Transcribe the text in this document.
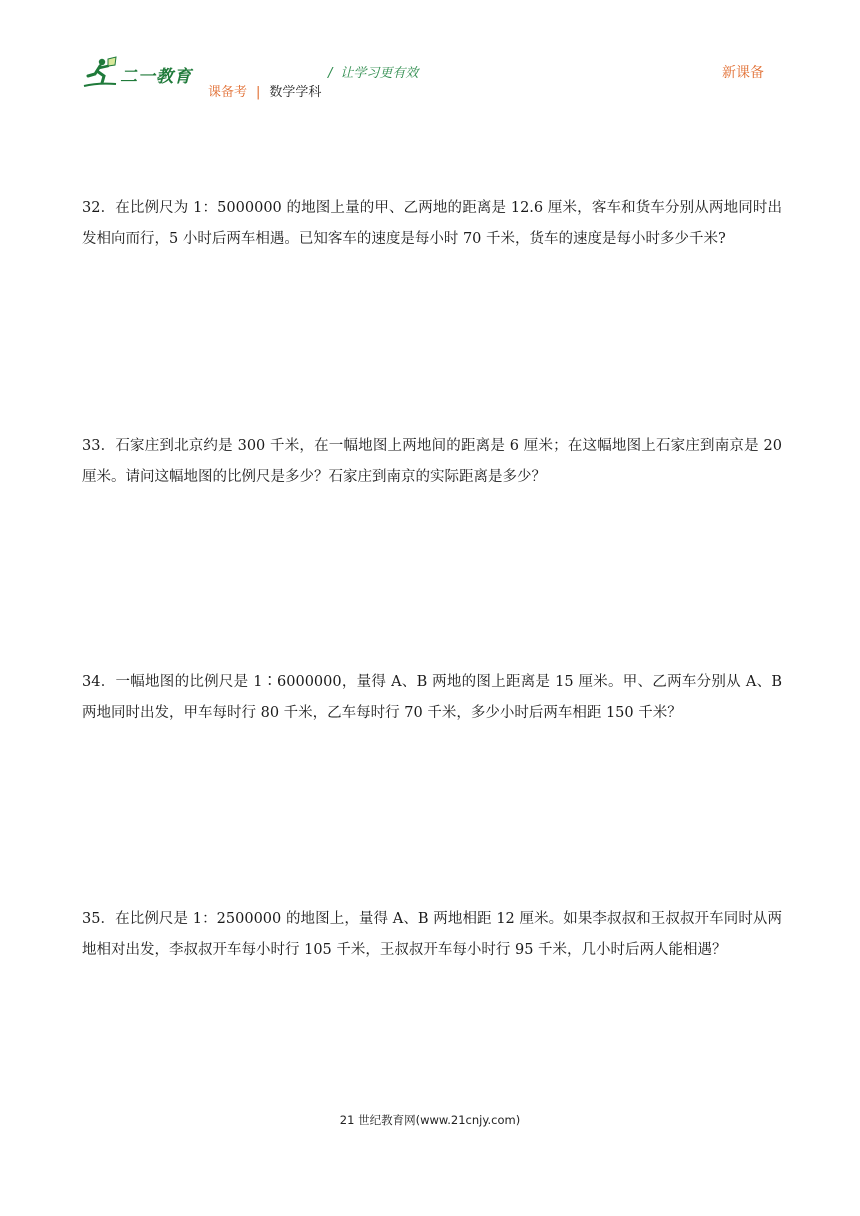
二一教育	/ 让学习更有效
课备考 | 数学学科
新课备
32．在比例尺为 1：5000000 的地图上量的甲、乙两地的距离是 12.6 厘米，客车和货车分别从两地同时出发相向而行，5 小时后两车相遇。已知客车的速度是每小时 70 千米，货车的速度是每小时多少千米?
33．石家庄到北京约是 300 千米，在一幅地图上两地间的距离是 6 厘米；在这幅地图上石家庄到南京是 20 厘米。请问这幅地图的比例尺是多少？石家庄到南京的实际距离是多少？
34．一幅地图的比例尺是 1∶6000000，量得 A、B 两地的图上距离是 15 厘米。甲、乙两车分别从 A、B 两地同时出发，甲车每时行 80 千米，乙车每时行 70 千米，多少小时后两车相距 150 千米？
35．在比例尺是 1：2500000 的地图上，量得 A、B 两地相距 12 厘米。如果李叔叔和王叔叔开车同时从两地相对出发，李叔叔开车每小时行 105 千米，王叔叔开车每小时行 95 千米，几小时后两人能相遇？
21 世纪教育网(www.21cnjy.com)
